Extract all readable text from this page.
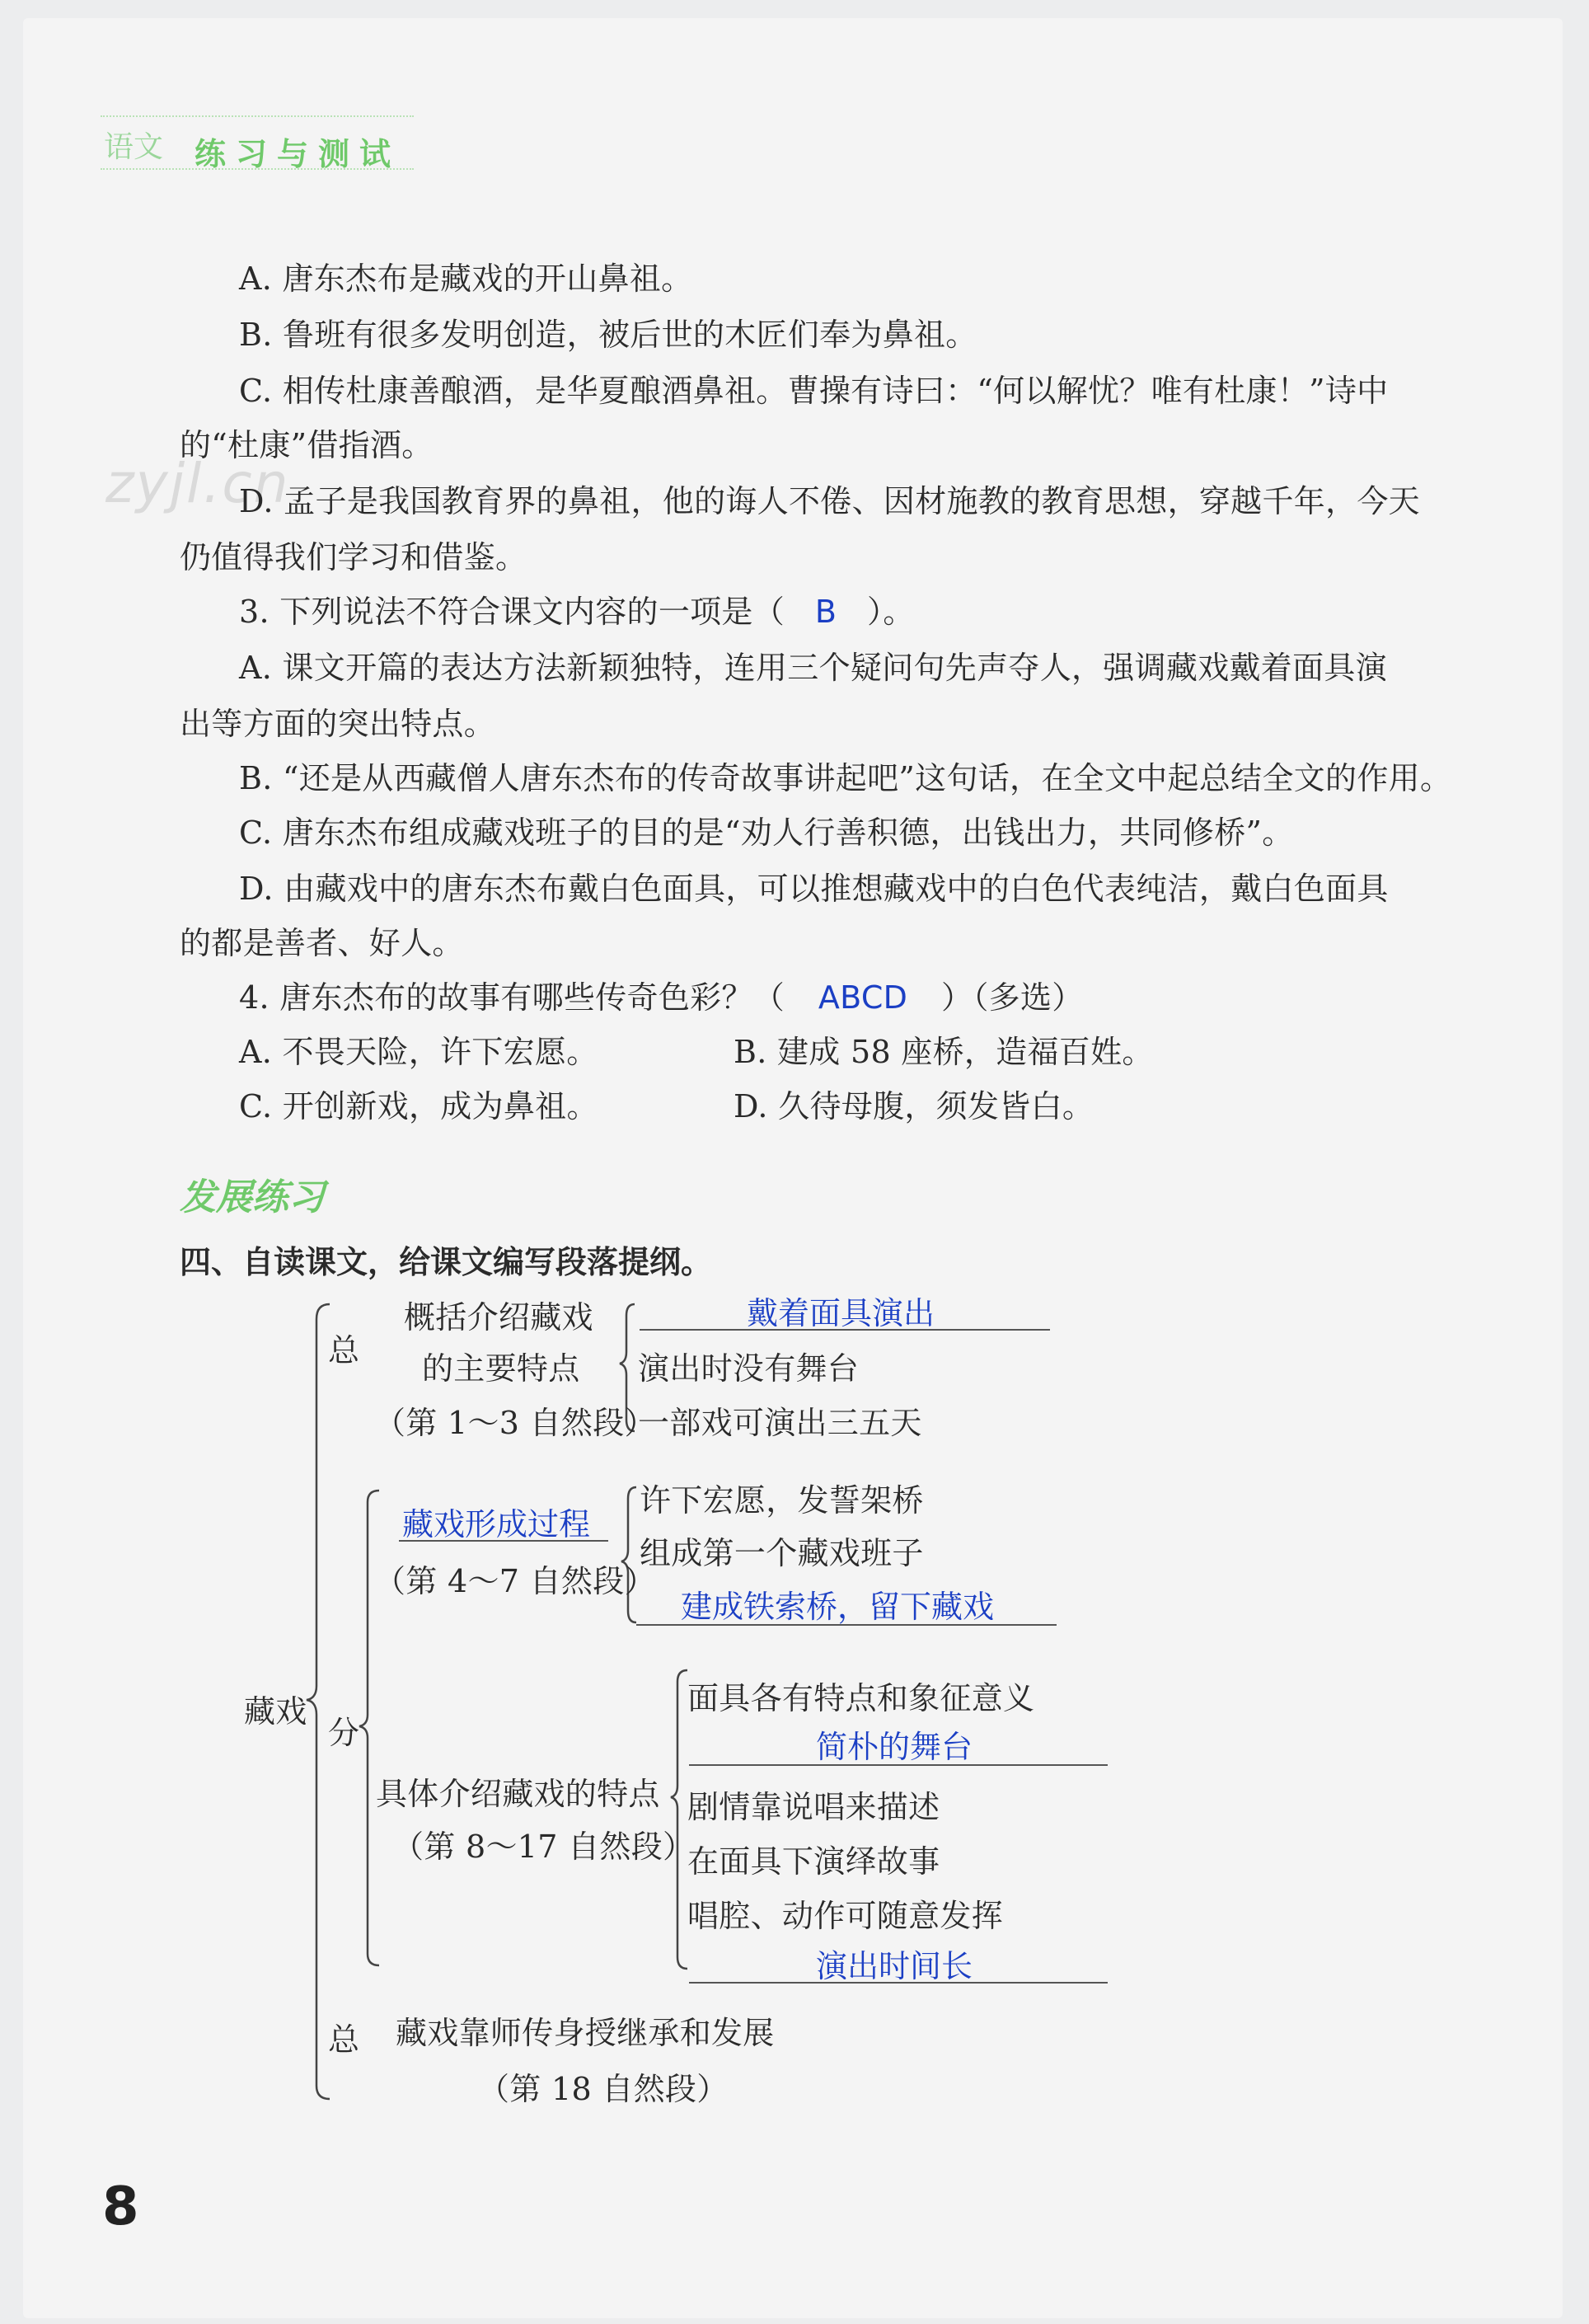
语文 练习与测试
zyjl.cn
A. 唐东杰布是藏戏的开山鼻祖。
B. 鲁班有很多发明创造，被后世的木匠们奉为鼻祖。
C. 相传杜康善酿酒，是华夏酿酒鼻祖。曹操有诗曰：“何以解忧？唯有杜康！”诗中
的“杜康”借指酒。
D. 孟子是我国教育界的鼻祖，他的诲人不倦、因材施教的教育思想，穿越千年，今天
仍值得我们学习和借鉴。
3. 下列说法不符合课文内容的一项是（ B ）。
A. 课文开篇的表达方法新颖独特，连用三个疑问句先声夺人，强调藏戏戴着面具演
出等方面的突出特点。
B. “还是从西藏僧人唐东杰布的传奇故事讲起吧”这句话，在全文中起总结全文的作用。
C. 唐东杰布组成藏戏班子的目的是“劝人行善积德，出钱出力，共同修桥”。
D. 由藏戏中的唐东杰布戴白色面具，可以推想藏戏中的白色代表纯洁，戴白色面具
的都是善者、好人。
4. 唐东杰布的故事有哪些传奇色彩？（ ABCD ）（多选）
A. 不畏天险，许下宏愿。	B. 建成 58 座桥，造福百姓。
C. 开创新戏，成为鼻祖。	D. 久待母腹，须发皆白。
发展练习
四、自读课文，给课文编写段落提纲。
藏戏
总
分
总
概括介绍藏戏
的主要特点
（第 1～3 自然段）
戴着面具演出
演出时没有舞台
一部戏可演出三五天
藏戏形成过程
（第 4～7 自然段）
许下宏愿，发誓架桥
组成第一个藏戏班子
建成铁索桥，留下藏戏
具体介绍藏戏的特点
（第 8～17 自然段）
面具各有特点和象征意义
简朴的舞台
剧情靠说唱来描述
在面具下演绎故事
唱腔、动作可随意发挥
演出时间长
藏戏靠师传身授继承和发展
（第 18 自然段）
8
